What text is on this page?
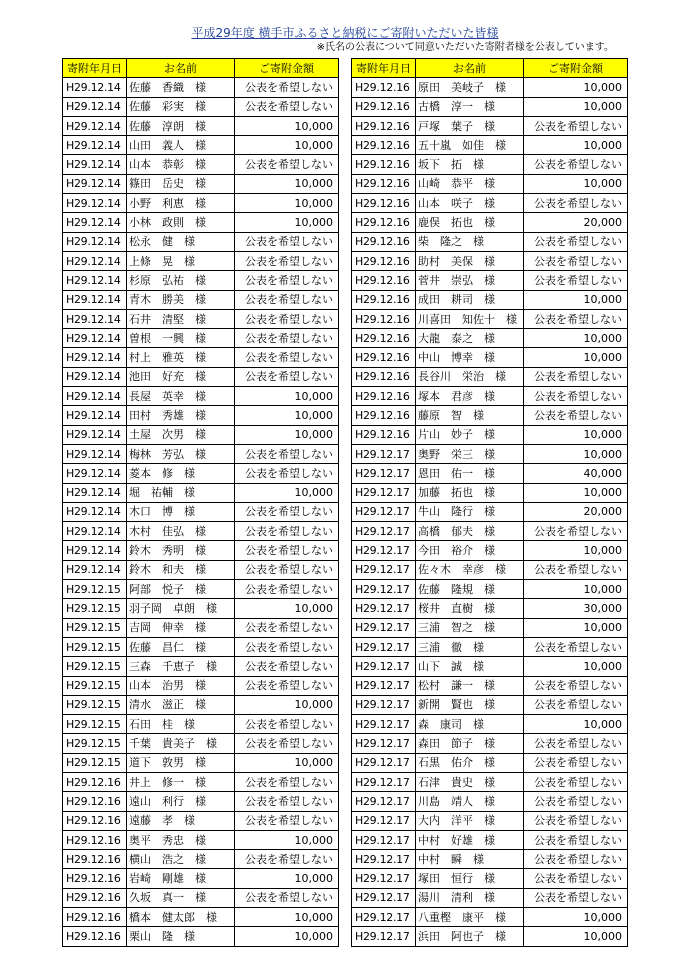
平成29年度 横手市ふるさと納税にご寄附いただいた皆様
※氏名の公表について同意いただいた寄附者様を公表しています。
寄附年月日	お名前	ご寄附金額
H29.12.14	佐藤　香織　様	公表を希望しない
H29.12.14	佐藤　彩実　様	公表を希望しない
H29.12.14	佐藤　淳朗　様	10,000
H29.12.14	山田　義人　様	10,000
H29.12.14	山本　恭彰　様	公表を希望しない
H29.12.14	篠田　岳史　様	10,000
H29.12.14	小野　利恵　様	10,000
H29.12.14	小林　政則　様	10,000
H29.12.14	松永　健　様	公表を希望しない
H29.12.14	上條　晃　様	公表を希望しない
H29.12.14	杉原　弘祐　様	公表を希望しない
H29.12.14	青木　勝美　様	公表を希望しない
H29.12.14	石井　清堅　様	公表を希望しない
H29.12.14	曽根　一興　様	公表を希望しない
H29.12.14	村上　雅英　様	公表を希望しない
H29.12.14	池田　好充　様	公表を希望しない
H29.12.14	長屋　英幸　様	10,000
H29.12.14	田村　秀雄　様	10,000
H29.12.14	土屋　次男　様	10,000
H29.12.14	梅林　芳弘　様	公表を希望しない
H29.12.14	菱本　修　様	公表を希望しない
H29.12.14	堀　祐輔　様	10,000
H29.12.14	木口　博　様	公表を希望しない
H29.12.14	木村　佳弘　様	公表を希望しない
H29.12.14	鈴木　秀明　様	公表を希望しない
H29.12.14	鈴木　和夫　様	公表を希望しない
H29.12.15	阿部　悦子　様	公表を希望しない
H29.12.15	羽子岡　卓朗　様	10,000
H29.12.15	吉岡　伸幸　様	公表を希望しない
H29.12.15	佐藤　昌仁　様	公表を希望しない
H29.12.15	三森　千恵子　様	公表を希望しない
H29.12.15	山本　治男　様	公表を希望しない
H29.12.15	清水　滋正　様	10,000
H29.12.15	石田　桂　様	公表を希望しない
H29.12.15	千葉　貴美子　様	公表を希望しない
H29.12.15	道下　敦男　様	10,000
H29.12.16	井上　修一　様	公表を希望しない
H29.12.16	遠山　利行　様	公表を希望しない
H29.12.16	遠藤　孝　様	公表を希望しない
H29.12.16	奥平　秀忠　様	10,000
H29.12.16	横山　浩之　様	公表を希望しない
H29.12.16	岩崎　剛雄　様	10,000
H29.12.16	久坂　真一　様	公表を希望しない
H29.12.16	橋本　健太郎　様	10,000
H29.12.16	栗山　隆　様	10,000
寄附年月日	お名前	ご寄附金額
H29.12.16	原田　美岐子　様	10,000
H29.12.16	古橋　淳一　様	10,000
H29.12.16	戸塚　葉子　様	公表を希望しない
H29.12.16	五十嵐　如佳　様	10,000
H29.12.16	坂下　拓　様	公表を希望しない
H29.12.16	山崎　恭平　様	10,000
H29.12.16	山本　咲子　様	公表を希望しない
H29.12.16	鹿俣　拓也　様	20,000
H29.12.16	柴　隆之　様	公表を希望しない
H29.12.16	助村　美保　様	公表を希望しない
H29.12.16	菅井　崇弘　様	公表を希望しない
H29.12.16	成田　耕司　様	10,000
H29.12.16	川喜田　知佐十　様	公表を希望しない
H29.12.16	大龍　泰之　様	10,000
H29.12.16	中山　博幸　様	10,000
H29.12.16	長谷川　栄治　様	公表を希望しない
H29.12.16	塚本　君彦　様	公表を希望しない
H29.12.16	藤原　智　様	公表を希望しない
H29.12.16	片山　妙子　様	10,000
H29.12.17	奥野　栄三　様	10,000
H29.12.17	恩田　佑一　様	40,000
H29.12.17	加藤　拓也　様	10,000
H29.12.17	牛山　隆行　様	20,000
H29.12.17	高橋　郁夫　様	公表を希望しない
H29.12.17	今田　裕介　様	10,000
H29.12.17	佐々木　幸彦　様	公表を希望しない
H29.12.17	佐藤　隆規　様	10,000
H29.12.17	桜井　直樹　様	30,000
H29.12.17	三浦　智之　様	10,000
H29.12.17	三浦　徹　様	公表を希望しない
H29.12.17	山下　誠　様	10,000
H29.12.17	松村　謙一　様	公表を希望しない
H29.12.17	新開　賢也　様	公表を希望しない
H29.12.17	森　康司　様	10,000
H29.12.17	森田　節子　様	公表を希望しない
H29.12.17	石黒　佑介　様	公表を希望しない
H29.12.17	石津　貴史　様	公表を希望しない
H29.12.17	川島　靖人　様	公表を希望しない
H29.12.17	大内　洋平　様	公表を希望しない
H29.12.17	中村　好雄　様	公表を希望しない
H29.12.17	中村　瞬　様	公表を希望しない
H29.12.17	塚田　恒行　様	公表を希望しない
H29.12.17	湯川　清利　様	公表を希望しない
H29.12.17	八重樫　康平　様	10,000
H29.12.17	浜田　阿也子　様	10,000
